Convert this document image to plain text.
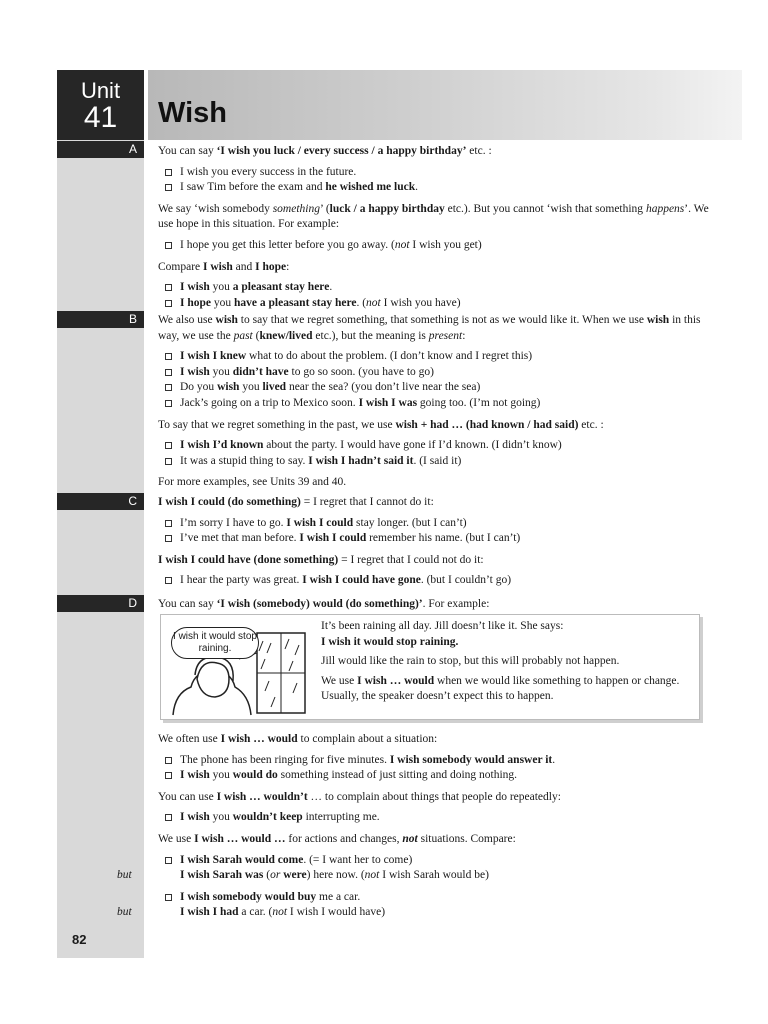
Unit
41	Wish
A You can say ‘I wish you luck / every success / a happy birthday’ etc. :

I wish you every success in the future.
I saw Tim before the exam and he wished me luck.

We say ‘wish somebody something’ (luck / a happy birthday etc.). But you cannot ‘wish that something happens’. We use hope in this situation. For example:

I hope you get this letter before you go away. (not I wish you get)

Compare I wish and I hope:

I wish you a pleasant stay here.
I hope you have a pleasant stay here. (not I wish you have)
B We also use wish to say that we regret something, that something is not as we would like it. When we use wish in this way, we use the past (knew/lived etc.), but the meaning is present:

I wish I knew what to do about the problem. (I don’t know and I regret this)
I wish you didn’t have to go so soon. (you have to go)
Do you wish you lived near the sea? (you don’t live near the sea)
Jack’s going on a trip to Mexico soon. I wish I was going too. (I’m not going)

To say that we regret something in the past, we use wish + had … (had known / had said) etc. :

I wish I’d known about the party. I would have gone if I’d known. (I didn’t know)
It was a stupid thing to say. I wish I hadn’t said it. (I said it)

For more examples, see Units 39 and 40.

C I wish I could (do something) = I regret that I cannot do it:

I’m sorry I have to go. I wish I could stay longer. (but I can’t)
I’ve met that man before. I wish I could remember his name. (but I can’t)

I wish I could have (done something) = I regret that I could not do it:

I hear the party was great. I wish I could have gone. (but I couldn’t go)
D You can say ‘I wish (somebody) would (do something)’. For example:

I wish it would stop raining.

It’s been raining all day. Jill doesn’t like it. She says:

I wish it would stop raining.

Jill would like the rain to stop, but this will probably not happen.

We use I wish … would when we would like something to happen or change. Usually, the speaker doesn’t expect this to happen.

We often use I wish … would to complain about a situation:

The phone has been ringing for five minutes. I wish somebody would answer it.
I wish you would do something instead of just sitting and doing nothing.

You can use I wish … wouldn’t … to complain about things that people do repeatedly:

I wish you wouldn’t keep interrupting me.

We use I wish … would … for actions and changes, not situations. Compare:

I wish Sarah would come. (= I want her to come)
but	I wish Sarah was (or were) here now. (not I wish Sarah would be)
I wish somebody would buy me a car.
but	I wish I had a car. (not I wish I would have)
82
